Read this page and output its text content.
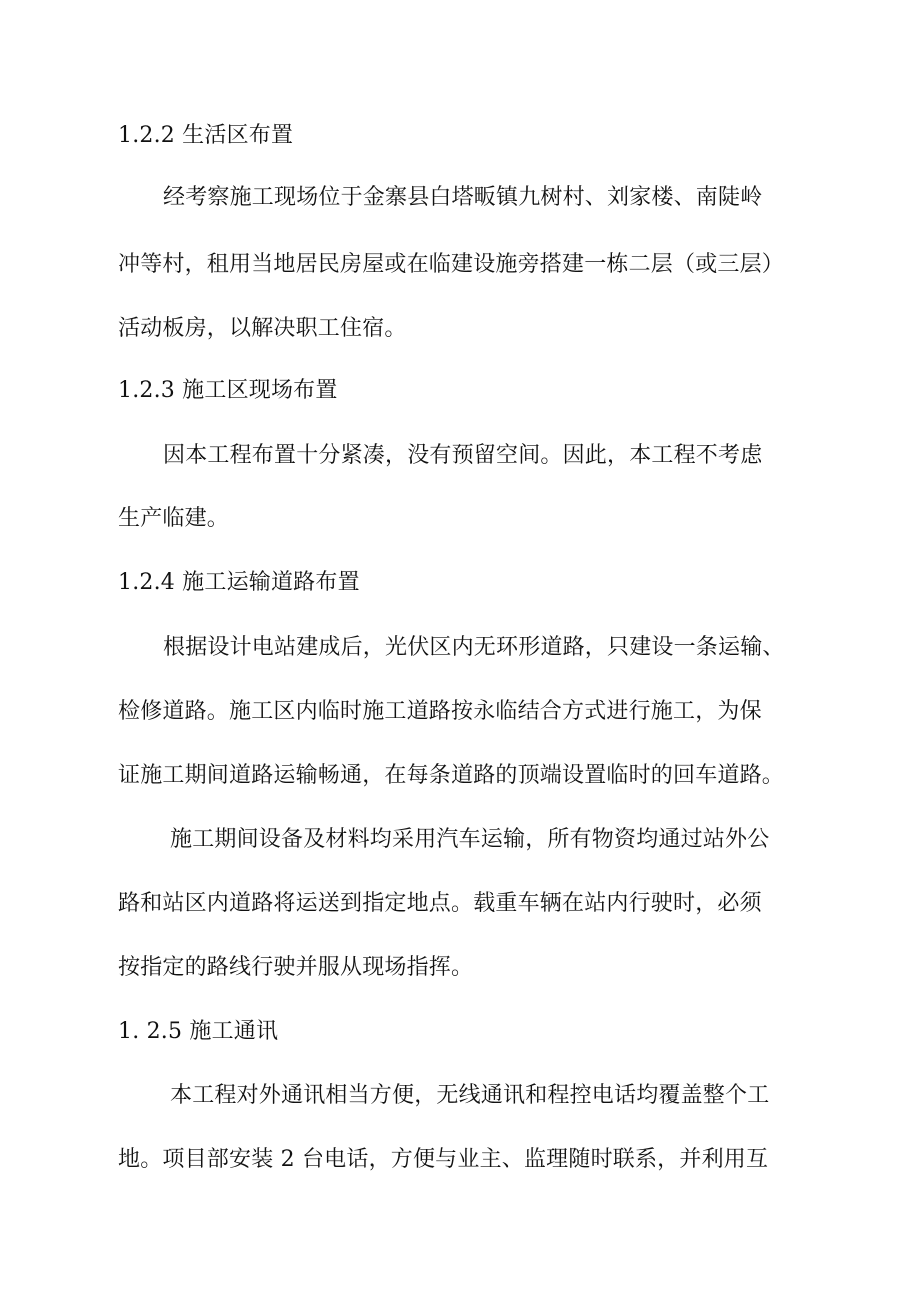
1.2.2 生活区布置
经考察施工现场位于金寨县白塔畈镇九树村、刘家楼、南陡岭
冲等村，租用当地居民房屋或在临建设施旁搭建一栋二层（或三层）
活动板房，以解决职工住宿。
1.2.3 施工区现场布置
因本工程布置十分紧凑，没有预留空间。因此，本工程不考虑
生产临建。
1.2.4 施工运输道路布置
根据设计电站建成后，光伏区内无环形道路，只建设一条运输、
检修道路。施工区内临时施工道路按永临结合方式进行施工，为保
证施工期间道路运输畅通，在每条道路的顶端设置临时的回车道路。
施工期间设备及材料均采用汽车运输，所有物资均通过站外公
路和站区内道路将运送到指定地点。载重车辆在站内行驶时，必须
按指定的路线行驶并服从现场指挥。
1. 2.5 施工通讯
本工程对外通讯相当方便，无线通讯和程控电话均覆盖整个工
地。项目部安装 2 台电话，方便与业主、监理随时联系，并利用互
